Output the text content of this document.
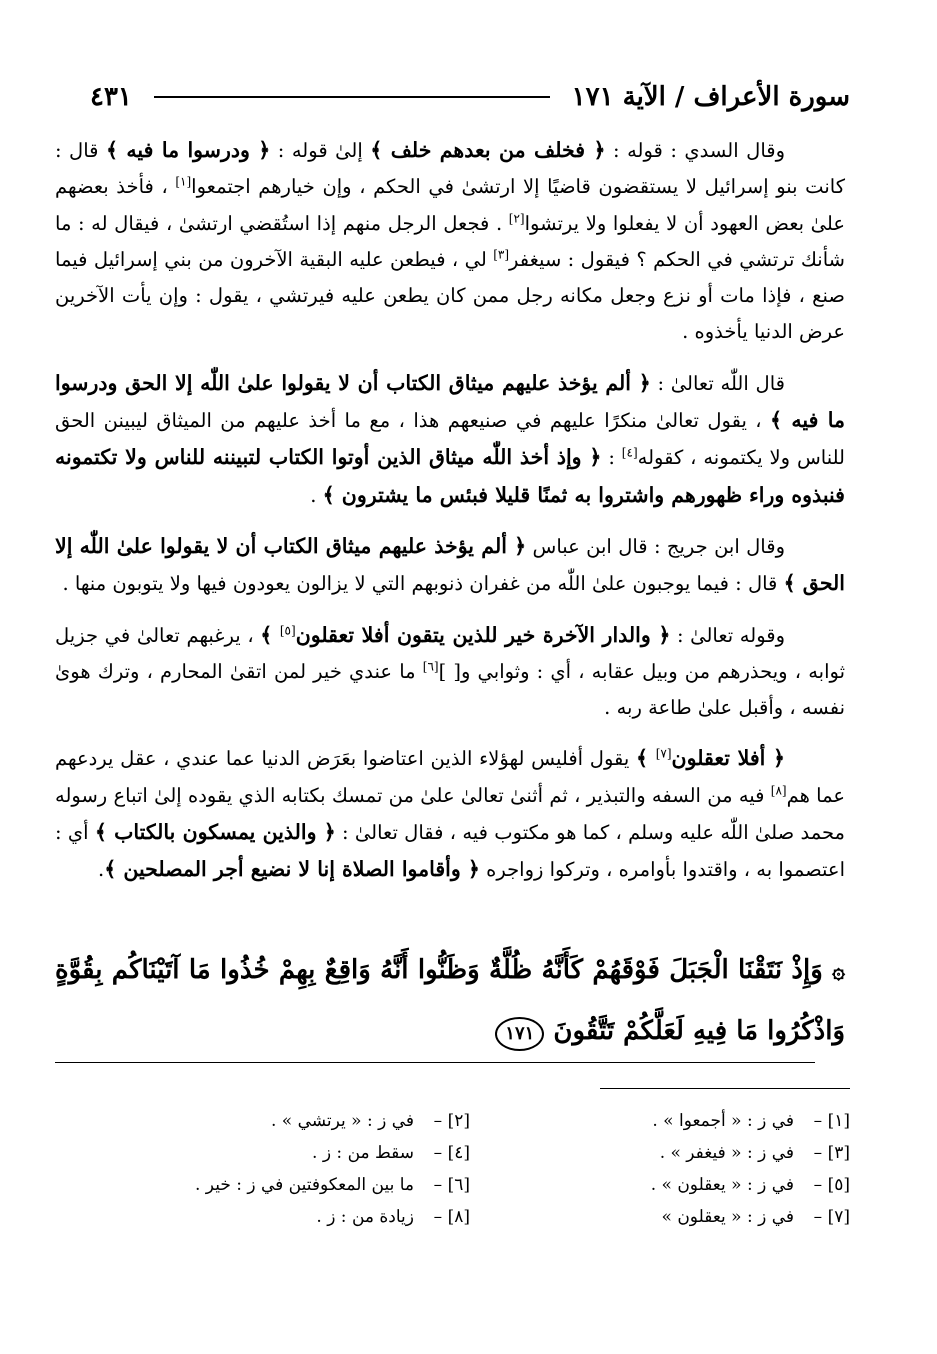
سورة الأعراف / الآية ١٧١
٤٣١

وقال السدي : قوله : ﴿ فخلف من بعدهم خلف ﴾ إلىٰ قوله : ﴿ ودرسوا ما فيه ﴾ قال : كانت بنو إسرائيل لا يستقضون قاضيًا إلا ارتشىٰ في الحكم ، وإن خيارهم اجتمعوا[١] ، فأخذ بعضهم علىٰ بعض العهود أن لا يفعلوا ولا يرتشوا[٢] . فجعل الرجل منهم إذا استُقضي ارتشىٰ ، فيقال له : ما شأنك ترتشي في الحكم ؟ فيقول : سيغفر[٣] لي ، فيطعن عليه البقية الآخرون من بني إسرائيل فيما صنع ، فإذا مات أو نزع وجعل مكانه رجل ممن كان يطعن عليه فيرتشي ، يقول : وإن يأت الآخرين عرض الدنيا يأخذوه .

قال اللّٰه تعالىٰ : ﴿ ألم يؤخذ عليهم ميثاق الكتاب أن لا يقولوا علىٰ اللّٰه إلا الحق ودرسوا ما فيه ﴾ ، يقول تعالىٰ منكرًا عليهم في صنيعهم هذا ، مع ما أخذ عليهم من الميثاق ليبينن الحق للناس ولا يكتمونه ، كقوله[٤] : ﴿ وإذ أخذ اللّٰه ميثاق الذين أوتوا الكتاب لتبيننه للناس ولا تكتمونه فنبذوه وراء ظهورهم واشتروا به ثمنًا قليلا فبئس ما يشترون ﴾ .

وقال ابن جريج : قال ابن عباس ﴿ ألم يؤخذ عليهم ميثاق الكتاب أن لا يقولوا علىٰ اللّٰه إلا الحق ﴾ قال : فيما يوجبون علىٰ اللّٰه من غفران ذنوبهم التي لا يزالون يعودون فيها ولا يتوبون منها .

وقوله تعالىٰ : ﴿ والدار الآخرة خير للذين يتقون أفلا تعقلون[٥] ﴾ ، يرغبهم تعالىٰ في جزيل ثوابه ، ويحذرهم من وبيل عقابه ، أي : وثوابي و[ ][٦] ما عندي خير لمن اتقىٰ المحارم ، وترك هوىٰ نفسه ، وأقبل علىٰ طاعة ربه .

﴿ أفلا تعقلون[٧] ﴾ يقول أفليس لهؤلاء الذين اعتاضوا بعَرَض الدنيا عما عندي ، عقل يردعهم عما هم[٨] فيه من السفه والتبذير ، ثم أثنىٰ تعالىٰ علىٰ من تمسك بكتابه الذي يقوده إلىٰ اتباع رسوله محمد صلىٰ اللّٰه عليه وسلم ، كما هو مكتوب فيه ، فقال تعالىٰ : ﴿ والذين يمسكون بالكتاب ﴾ أي : اعتصموا به ، واقتدوا بأوامره ، وتركوا زواجره ﴿ وأقاموا الصلاة إنا لا نضيع أجر المصلحين ﴾.

۞ وَإِذْ نَتَقْنَا الْجَبَلَ فَوْقَهُمْ كَأَنَّهُ ظُلَّةٌ وَظَنُّوا أَنَّهُ وَاقِعٌ بِهِمْ خُذُوا مَا آتَيْنَاكُم بِقُوَّةٍ وَاذْكُرُوا مَا فِيهِ لَعَلَّكُمْ تَتَّقُونَ ١٧١
[١] –في ز : « أجمعوا » .
[٢] –في ز : « يرتشي » .
[٣] –في ز : « فيغفر » .
[٤] –سقط من : ز .
[٥] –في ز : « يعقلون » .
[٦] –ما بين المعكوفتين في ز : خير .
[٧] –في ز : « يعقلون »
[٨] –زيادة من : ز .
